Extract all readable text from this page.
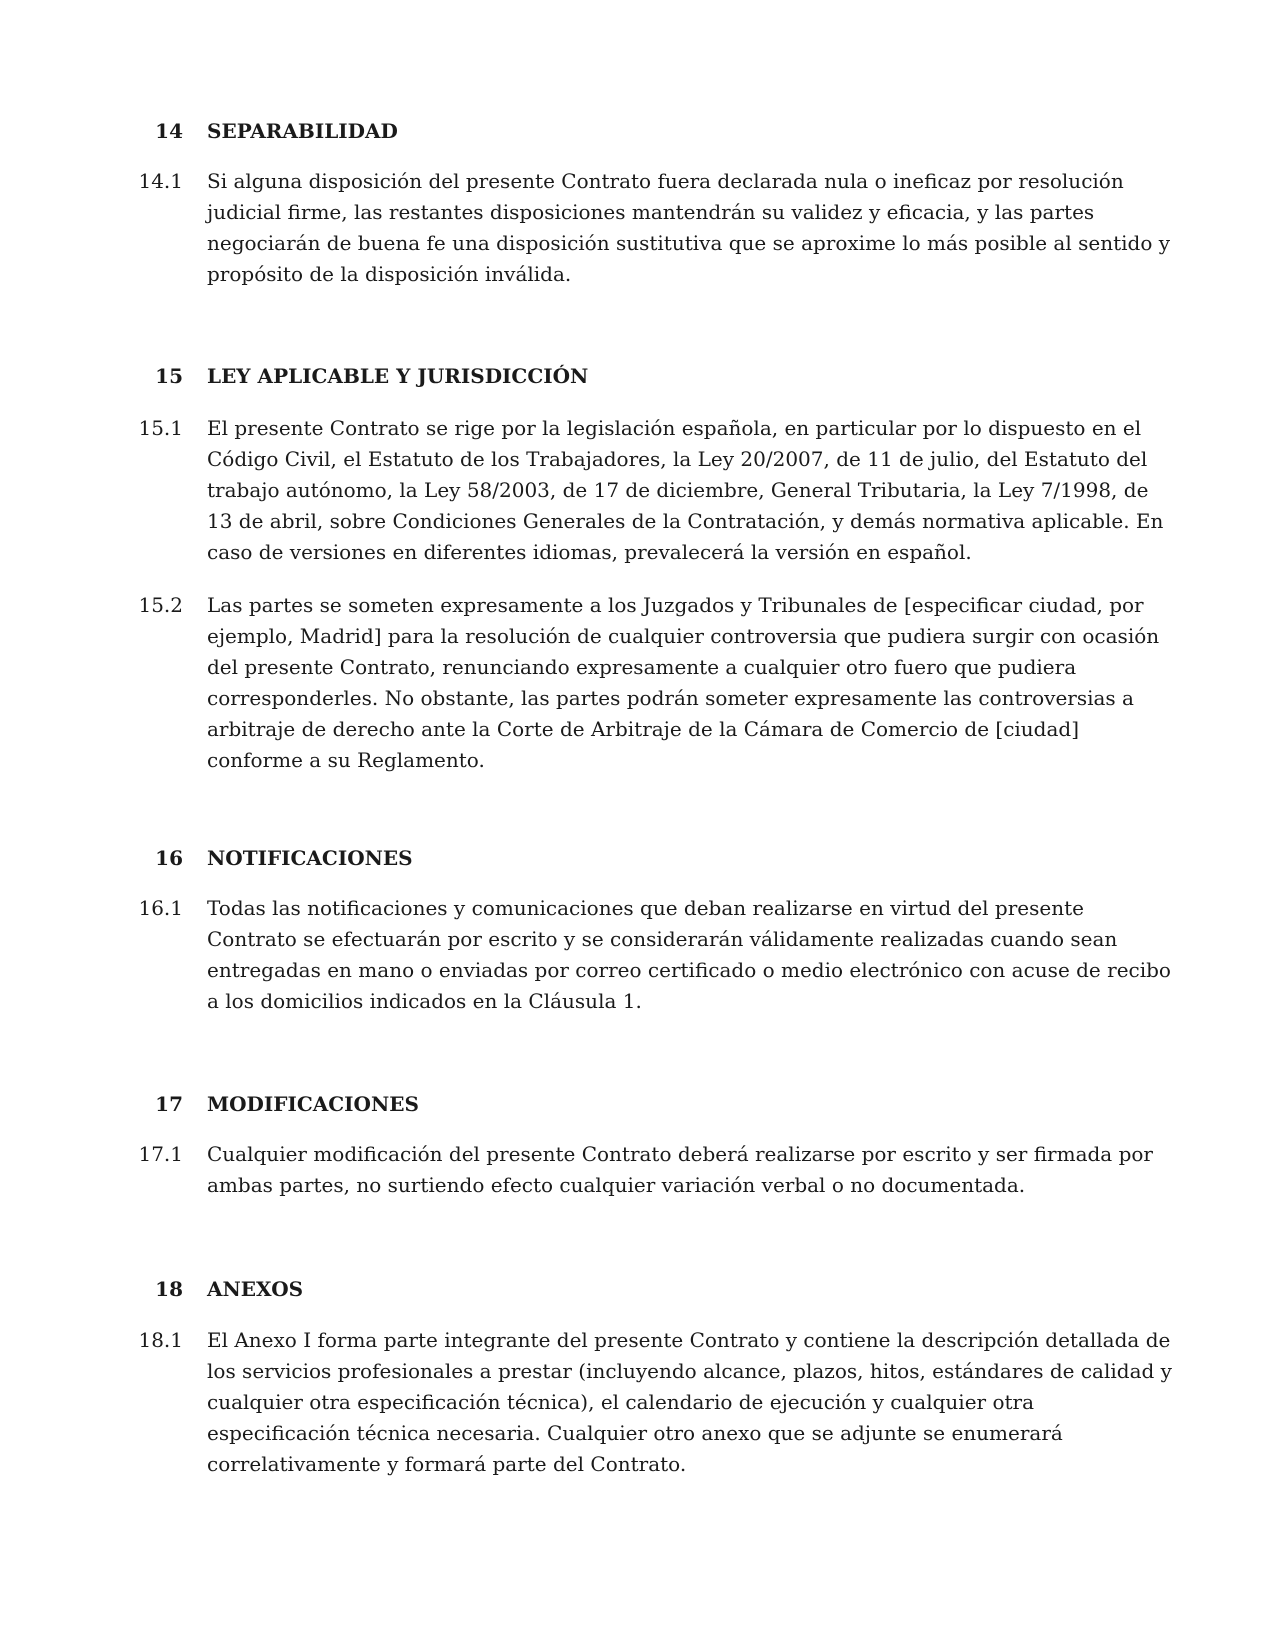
14 SEPARABILIDAD
14.1 Si alguna disposición del presente Contrato fuera declarada nula o ineficaz por resolución
judicial firme, las restantes disposiciones mantendrán su validez y eficacia, y las partes
negociarán de buena fe una disposición sustitutiva que se aproxime lo más posible al sentido y
propósito de la disposición inválida.
15 LEY APLICABLE Y JURISDICCIÓN
15.1 El presente Contrato se rige por la legislación española, en particular por lo dispuesto en el
Código Civil, el Estatuto de los Trabajadores, la Ley 20/2007, de 11 de julio, del Estatuto del
trabajo autónomo, la Ley 58/2003, de 17 de diciembre, General Tributaria, la Ley 7/1998, de
13 de abril, sobre Condiciones Generales de la Contratación, y demás normativa aplicable. En
caso de versiones en diferentes idiomas, prevalecerá la versión en español.
15.2 Las partes se someten expresamente a los Juzgados y Tribunales de [especificar ciudad, por
ejemplo, Madrid] para la resolución de cualquier controversia que pudiera surgir con ocasión
del presente Contrato, renunciando expresamente a cualquier otro fuero que pudiera
corresponderles. No obstante, las partes podrán someter expresamente las controversias a
arbitraje de derecho ante la Corte de Arbitraje de la Cámara de Comercio de [ciudad]
conforme a su Reglamento.
16 NOTIFICACIONES
16.1 Todas las notificaciones y comunicaciones que deban realizarse en virtud del presente
Contrato se efectuarán por escrito y se considerarán válidamente realizadas cuando sean
entregadas en mano o enviadas por correo certificado o medio electrónico con acuse de recibo
a los domicilios indicados en la Cláusula 1.
17 MODIFICACIONES
17.1 Cualquier modificación del presente Contrato deberá realizarse por escrito y ser firmada por
ambas partes, no surtiendo efecto cualquier variación verbal o no documentada.
18 ANEXOS
18.1 El Anexo I forma parte integrante del presente Contrato y contiene la descripción detallada de
los servicios profesionales a prestar (incluyendo alcance, plazos, hitos, estándares de calidad y
cualquier otra especificación técnica), el calendario de ejecución y cualquier otra
especificación técnica necesaria. Cualquier otro anexo que se adjunte se enumerará
correlativamente y formará parte del Contrato.
